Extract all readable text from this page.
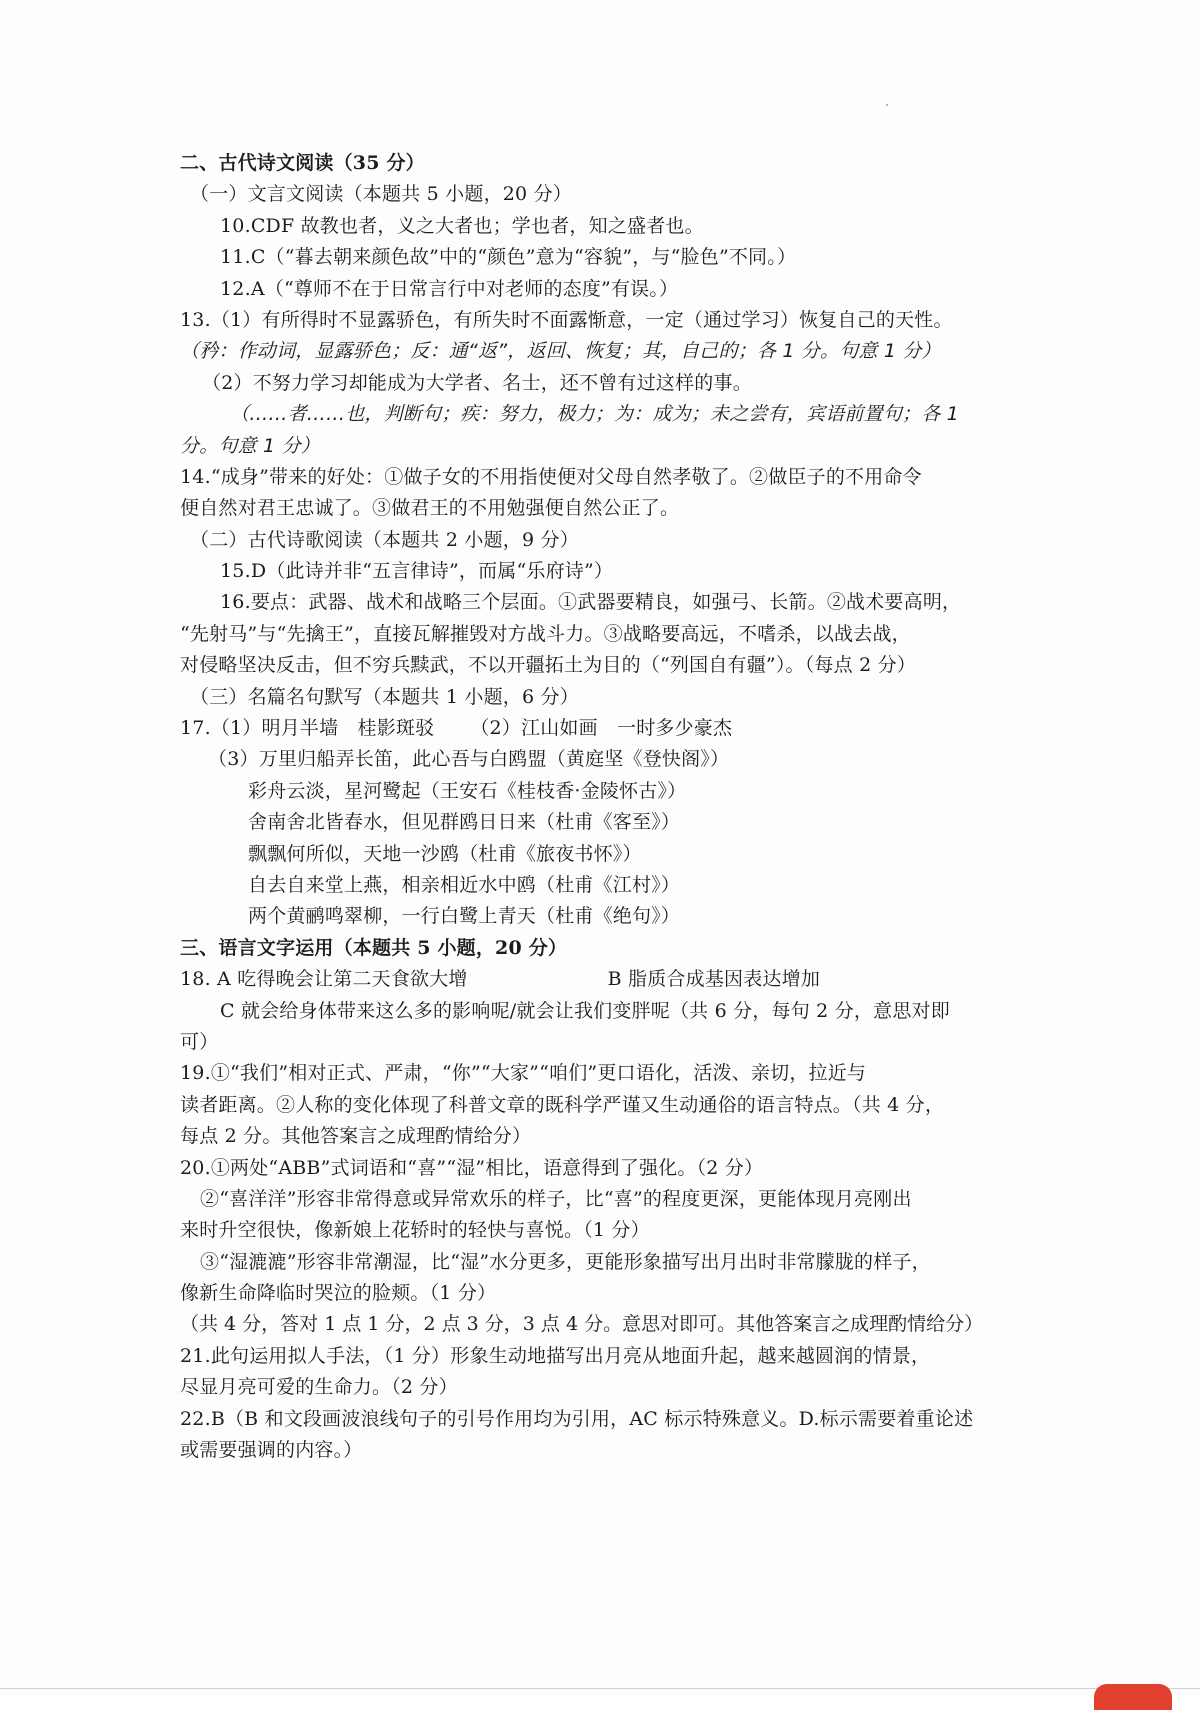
二、古代诗文阅读（35 分）
（一）文言文阅读（本题共 5 小题，20 分）
10.CDF 故教也者，义之大者也；学也者，知之盛者也。
11.C（“暮去朝来颜色故”中的“颜色”意为“容貌”，与“脸色”不同。）
12.A（“尊师不在于日常言行中对老师的态度”有误。）
13.（1）有所得时不显露骄色，有所失时不面露惭意，一定（通过学习）恢复自己的天性。
（矜：作动词，显露骄色；反：通“返”，返回、恢复；其，自己的；各 1 分。句意 1 分）
（2）不努力学习却能成为大学者、名士，还不曾有过这样的事。
（……者……也，判断句；疾：努力，极力；为：成为；未之尝有，宾语前置句；各 1
分。句意 1 分）
14.“成身”带来的好处：①做子女的不用指使便对父母自然孝敬了。②做臣子的不用命令
便自然对君王忠诚了。③做君王的不用勉强便自然公正了。
（二）古代诗歌阅读（本题共 2 小题，9 分）
15.D（此诗并非“五言律诗”，而属“乐府诗”）
16.要点：武器、战术和战略三个层面。①武器要精良，如强弓、长箭。②战术要高明，
“先射马”与“先擒王”，直接瓦解摧毁对方战斗力。③战略要高远，不嗜杀，以战去战，
对侵略坚决反击，但不穷兵黩武，不以开疆拓土为目的（“列国自有疆”）。（每点 2 分）
（三）名篇名句默写（本题共 1 小题，6 分）
17.（1）明月半墙　桂影斑驳 （2）江山如画　一时多少豪杰
（3）万里归船弄长笛，此心吾与白鸥盟（黄庭坚《登快阁》）
彩舟云淡，星河鹭起（王安石《桂枝香·金陵怀古》）
舍南舍北皆春水，但见群鸥日日来（杜甫《客至》）
飘飘何所似，天地一沙鸥（杜甫《旅夜书怀》）
自去自来堂上燕，相亲相近水中鸥（杜甫《江村》）
两个黄鹂鸣翠柳，一行白鹭上青天（杜甫《绝句》）
三、语言文字运用（本题共 5 小题，20 分）
18. A 吃得晚会让第二天食欲大增	B 脂质合成基因表达增加
C 就会给身体带来这么多的影响呢/就会让我们变胖呢（共 6 分，每句 2 分，意思对即
可）
19.①“我们”相对正式、严肃，“你”“大家”“咱们”更口语化，活泼、亲切，拉近与
读者距离。②人称的变化体现了科普文章的既科学严谨又生动通俗的语言特点。（共 4 分，
每点 2 分。其他答案言之成理酌情给分）
20.①两处“ABB”式词语和“喜”“湿”相比，语意得到了强化。（2 分）
②“喜洋洋”形容非常得意或异常欢乐的样子，比“喜”的程度更深，更能体现月亮刚出
来时升空很快，像新娘上花轿时的轻快与喜悦。（1 分）
③“湿漉漉”形容非常潮湿，比“湿”水分更多，更能形象描写出月出时非常朦胧的样子，
像新生命降临时哭泣的脸颊。（1 分）
（共 4 分，答对 1 点 1 分，2 点 3 分，3 点 4 分。意思对即可。其他答案言之成理酌情给分）
21.此句运用拟人手法，（1 分）形象生动地描写出月亮从地面升起，越来越圆润的情景，
尽显月亮可爱的生命力。（2 分）
22.B（B 和文段画波浪线句子的引号作用均为引用，AC 标示特殊意义。D.标示需要着重论述
或需要强调的内容。）
